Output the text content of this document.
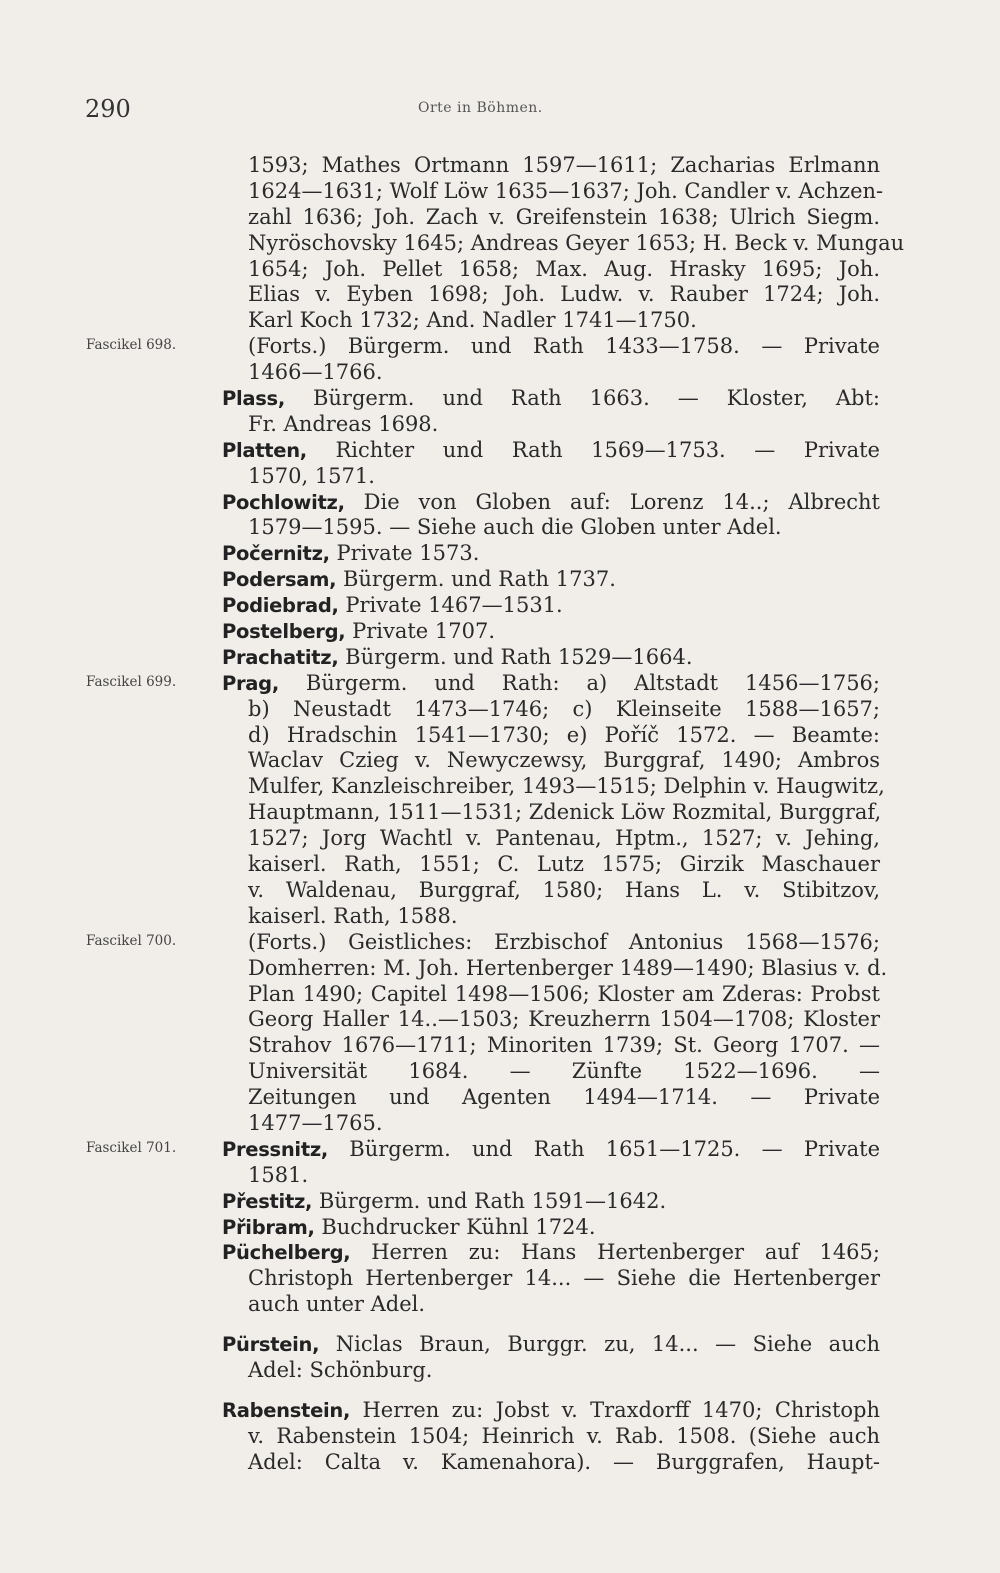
290	Orte in Böhmen.
1593; Mathes Ortmann 1597—1611; Zacharias Erlmann
1624—1631; Wolf Löw 1635—1637; Joh. Candler v. Achzen-
zahl 1636; Joh. Zach v. Greifenstein 1638; Ulrich Siegm.
Nyröschovsky 1645; Andreas Geyer 1653; H. Beck v. Mungau
1654; Joh. Pellet 1658; Max. Aug. Hrasky 1695; Joh.
Elias v. Eyben 1698; Joh. Ludw. v. Rauber 1724; Joh.
Karl Koch 1732; And. Nadler 1741—1750.
Fascikel 698.	(Forts.) Bürgerm. und Rath 1433—1758. — Private
1466—1766.
Plass, Bürgerm. und Rath 1663. — Kloster, Abt:
Fr. Andreas 1698.
Platten, Richter und Rath 1569—1753. — Private
1570, 1571.
Pochlowitz, Die von Globen auf: Lorenz 14..; Albrecht
1579—1595. — Siehe auch die Globen unter Adel.
Počernitz, Private 1573.
Podersam, Bürgerm. und Rath 1737.
Podiebrad, Private 1467—1531.
Postelberg, Private 1707.
Prachatitz, Bürgerm. und Rath 1529—1664.
Fascikel 699. Prag, Bürgerm. und Rath: a) Altstadt 1456—1756;
b) Neustadt 1473—1746; c) Kleinseite 1588—1657;
d) Hradschin 1541—1730; e) Poříč 1572. — Beamte:
Waclav Czieg v. Newyczewsy, Burggraf, 1490; Ambros
Mulfer, Kanzleischreiber, 1493—1515; Delphin v. Haugwitz,
Hauptmann, 1511—1531; Zdenick Löw Rozmital, Burggraf,
1527; Jorg Wachtl v. Pantenau, Hptm., 1527; v. Jehing,
kaiserl. Rath, 1551; C. Lutz 1575; Girzik Maschauer
v. Waldenau, Burggraf, 1580; Hans L. v. Stibitzov,
kaiserl. Rath, 1588.
Fascikel 700.	(Forts.) Geistliches: Erzbischof Antonius 1568—1576;
Domherren: M. Joh. Hertenberger 1489—1490; Blasius v. d.
Plan 1490; Capitel 1498—1506; Kloster am Zderas: Probst
Georg Haller 14..—1503; Kreuzherrn 1504—1708; Kloster
Strahov 1676—1711; Minoriten 1739; St. Georg 1707. —
Universität 1684. — Zünfte 1522—1696. —
Zeitungen und Agenten 1494—1714. — Private
1477—1765.
Fascikel 701. Pressnitz, Bürgerm. und Rath 1651—1725. — Private
1581.
Přestitz, Bürgerm. und Rath 1591—1642.
Přibram, Buchdrucker Kühnl 1724.
Püchelberg, Herren zu: Hans Hertenberger auf 1465;
Christoph Hertenberger 14... — Siehe die Hertenberger
auch unter Adel.
Pürstein, Niclas Braun, Burggr. zu, 14... — Siehe auch
Adel: Schönburg.
Rabenstein, Herren zu: Jobst v. Traxdorff 1470; Christoph
v. Rabenstein 1504; Heinrich v. Rab. 1508. (Siehe auch
Adel: Calta v. Kamenahora). — Burggrafen, Haupt-
